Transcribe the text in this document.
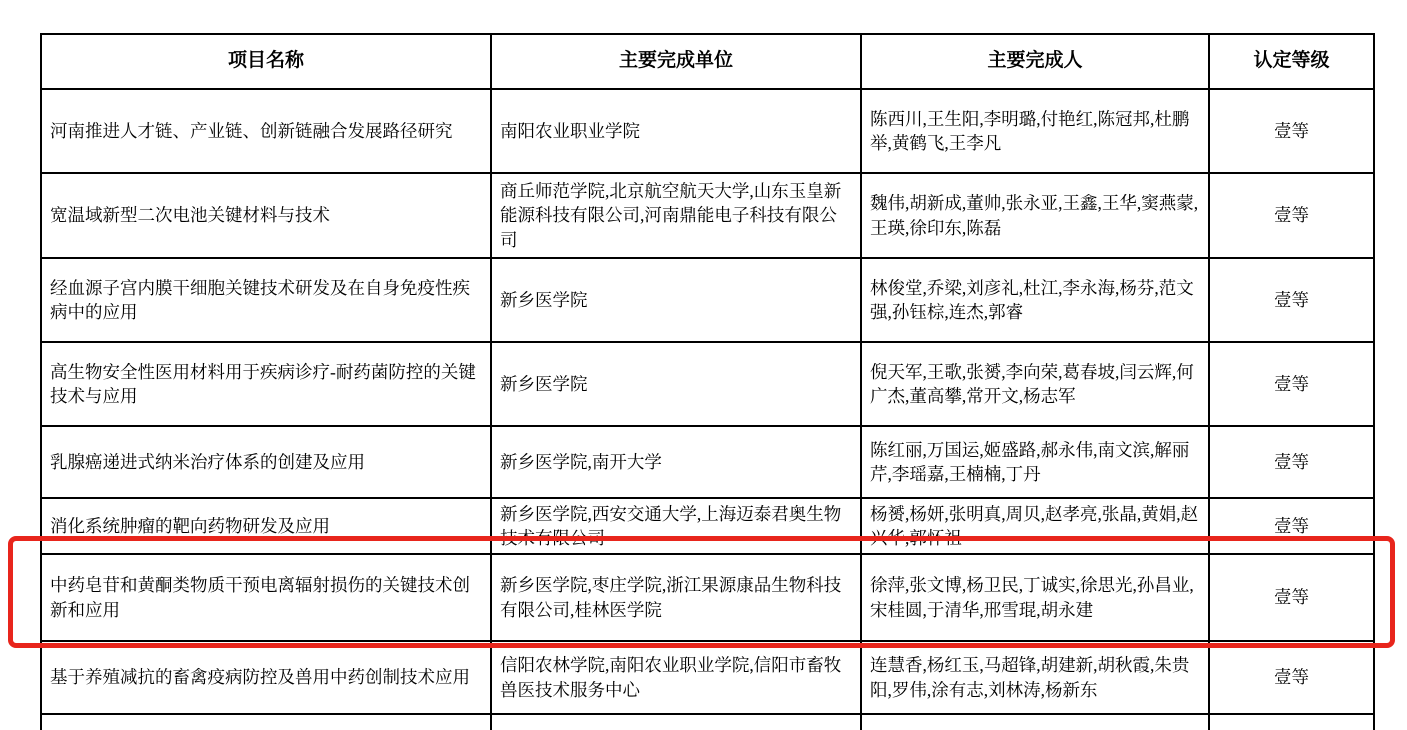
项目名称	主要完成单位	主要完成人	认定等级
河南推进人才链、产业链、创新链融合发展路径研究	南阳农业职业学院	陈西川,王生阳,李明璐,付艳红,陈冠邦,杜鹏举,黄鹤飞,王李凡	壹等
宽温域新型二次电池关键材料与技术	商丘师范学院,北京航空航天大学,山东玉皇新能源科技有限公司,河南鼎能电子科技有限公司	魏伟,胡新成,董帅,张永亚,王鑫,王华,窦燕蒙,王瑛,徐印东,陈磊	壹等
经血源子宫内膜干细胞关键技术研发及在自身免疫性疾病中的应用	新乡医学院	林俊堂,乔梁,刘彦礼,杜江,李永海,杨芬,范文强,孙钰棕,连杰,郭睿	壹等
高生物安全性医用材料用于疾病诊疗-耐药菌防控的关键技术与应用	新乡医学院	倪天军,王歌,张赟,李向荣,葛春坡,闫云辉,何广杰,董高攀,常开文,杨志军	壹等
乳腺癌递进式纳米治疗体系的创建及应用	新乡医学院,南开大学	陈红丽,万国运,姬盛路,郝永伟,南文滨,解丽芹,李瑶嘉,王楠楠,丁丹	壹等
消化系统肿瘤的靶向药物研发及应用	新乡医学院,西安交通大学,上海迈泰君奥生物技术有限公司	杨赟,杨妍,张明真,周贝,赵孝亮,张晶,黄娟,赵兴华,郭怀祖	壹等
中药皂苷和黄酮类物质干预电离辐射损伤的关键技术创新和应用	新乡医学院,枣庄学院,浙江果源康品生物科技有限公司,桂林医学院	徐萍,张文博,杨卫民,丁诚实,徐思光,孙昌业,宋桂圆,于清华,邢雪琨,胡永建	壹等
基于养殖减抗的畜禽疫病防控及兽用中药创制技术应用	信阳农林学院,南阳农业职业学院,信阳市畜牧兽医技术服务中心	连慧香,杨红玉,马超锋,胡建新,胡秋霞,朱贵阳,罗伟,涂有志,刘林涛,杨新东	壹等
